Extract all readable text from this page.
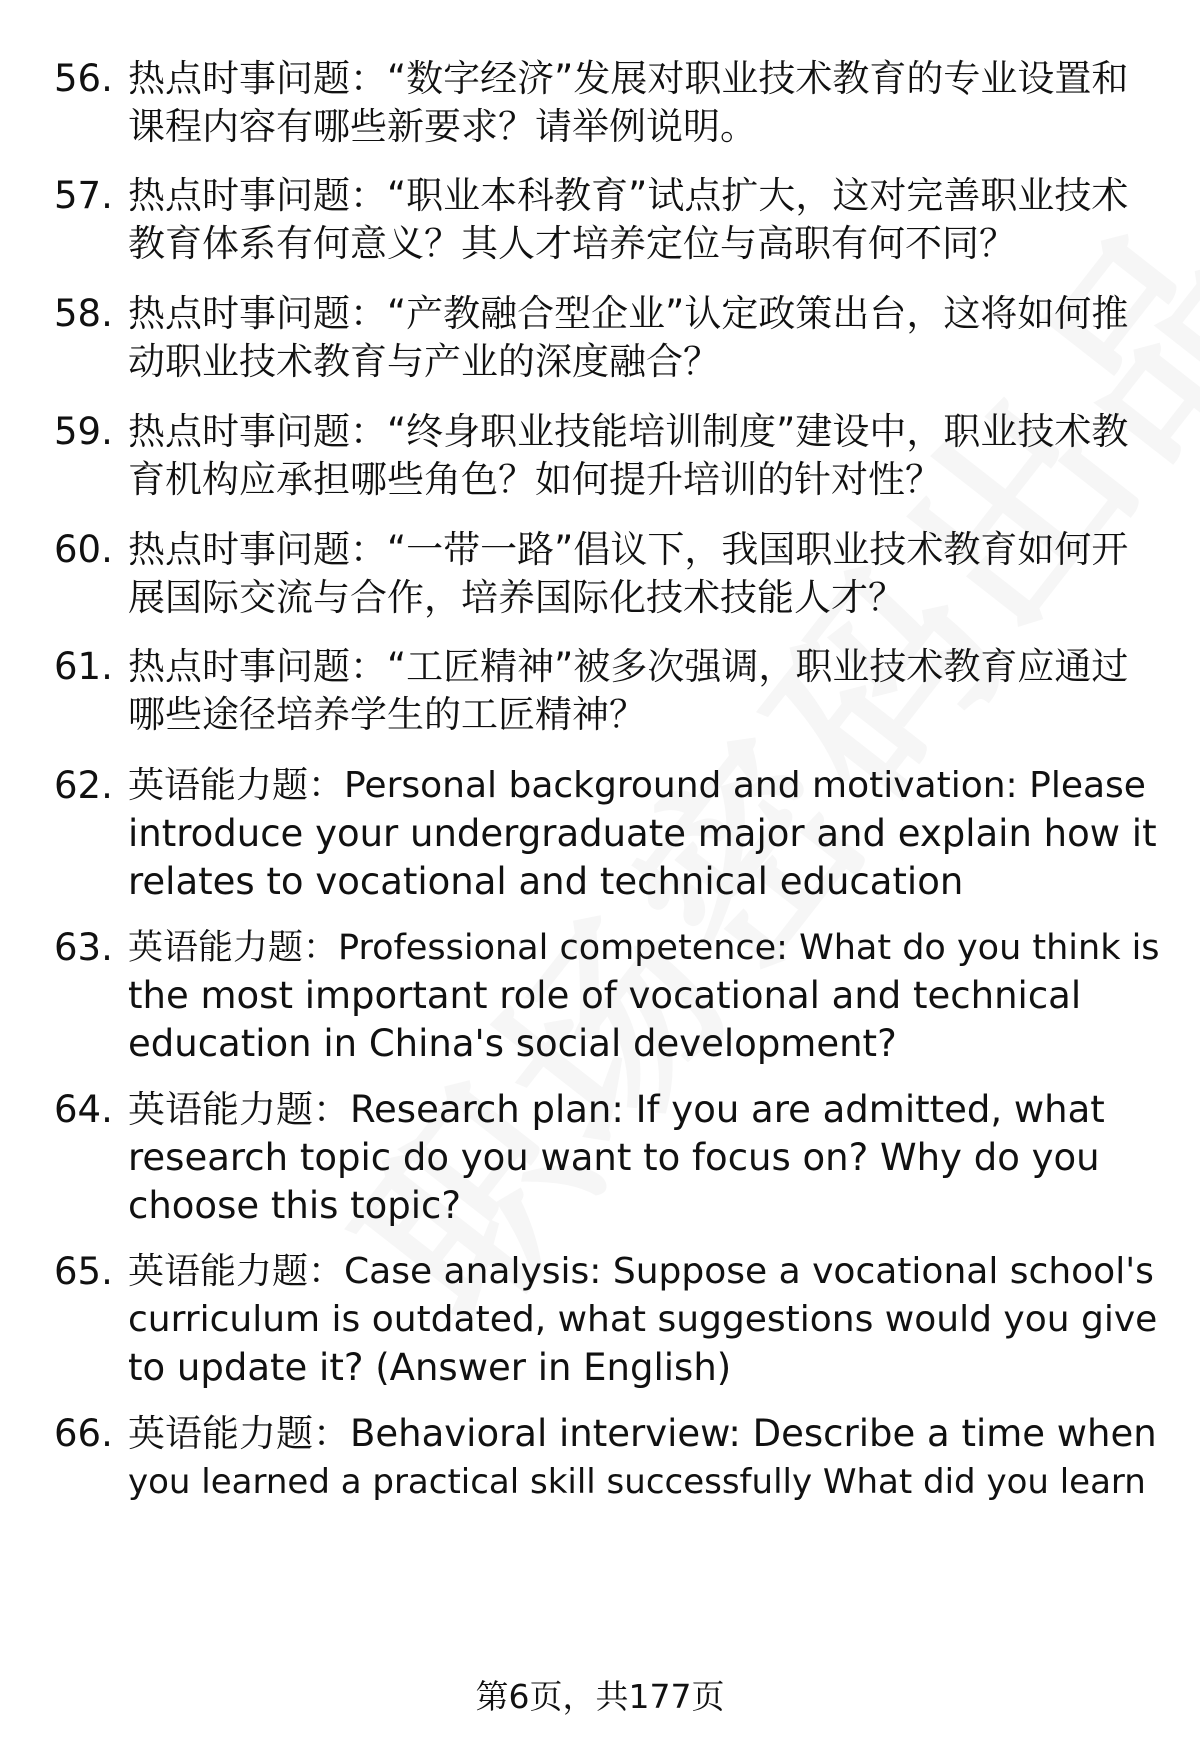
56. 热点时事问题：“数字经济”发展对职业技术教育的专业设置和
课程内容有哪些新要求？请举例说明。
57. 热点时事问题：“职业本科教育”试点扩大，这对完善职业技术
教育体系有何意义？其人才培养定位与高职有何不同？
58. 热点时事问题：“产教融合型企业”认定政策出台，这将如何推
动职业技术教育与产业的深度融合？
59. 热点时事问题：“终身职业技能培训制度”建设中，职业技术教
育机构应承担哪些角色？如何提升培训的针对性？
60. 热点时事问题：“一带一路”倡议下，我国职业技术教育如何开
展国际交流与合作，培养国际化技术技能人才？
61. 热点时事问题：“工匠精神”被多次强调，职业技术教育应通过
哪些途径培养学生的工匠精神？
62. 英语能力题：Personal background and motivation: Please
introduce your undergraduate major and explain how it
relates to vocational and technical education
63. 英语能力题：Professional competence: What do you think is
the most important role of vocational and technical
education in China's social development?
64. 英语能力题：Research plan: If you are admitted, what
research topic do you want to focus on? Why do you
choose this topic?
65. 英语能力题：Case analysis: Suppose a vocational school's
curriculum is outdated, what suggestions would you give
to update it? (Answer in English)
66. 英语能力题：Behavioral interview: Describe a time when
you learned a practical skill successfully What did you learn
第6页，共177页
